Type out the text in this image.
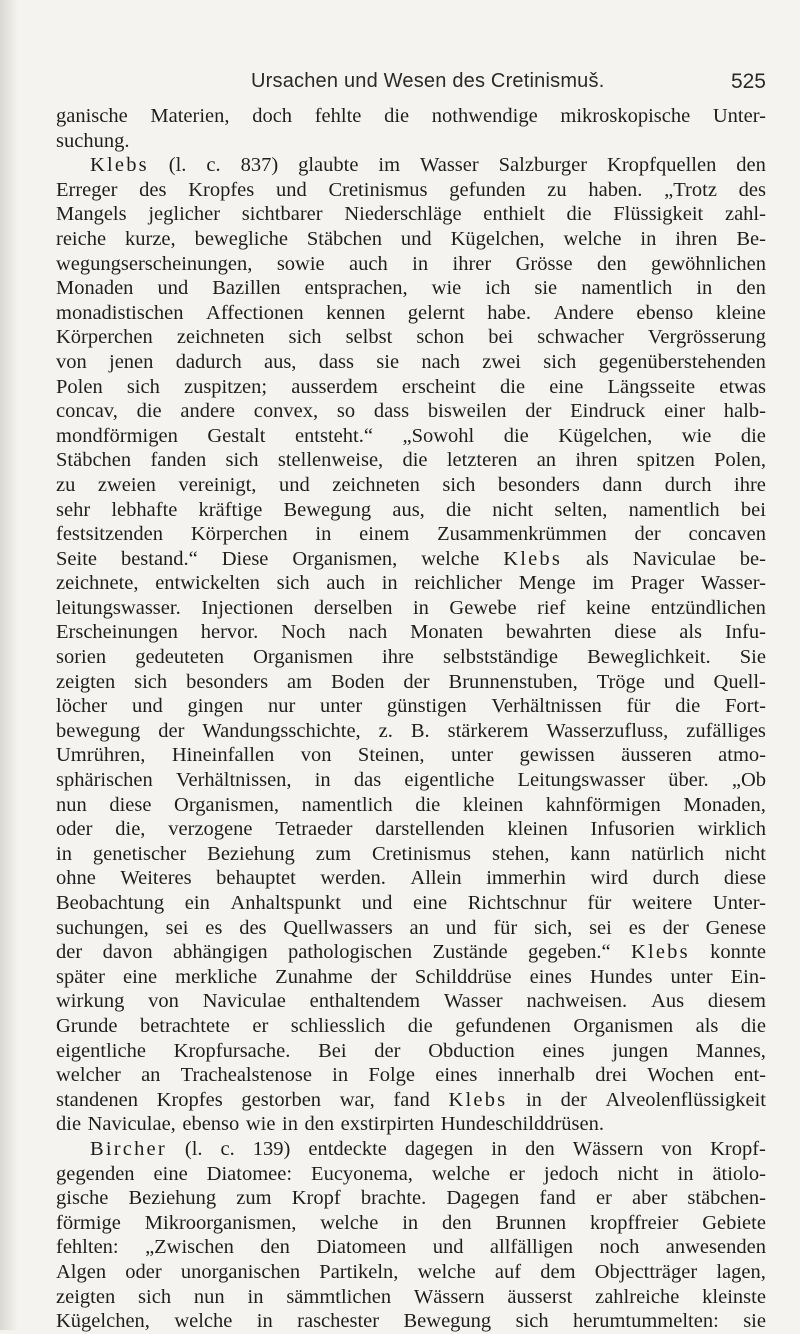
Ursachen und Wesen des Cretinismuš.	525
ganische Materien, doch fehlte die nothwendige mikroskopische Unter-
suchung.
Klebs (l. c. 837) glaubte im Wasser Salzburger Kropfquellen den
Erreger des Kropfes und Cretinismus gefunden zu haben. „Trotz des
Mangels jeglicher sichtbarer Niederschläge enthielt die Flüssigkeit zahl-
reiche kurze, bewegliche Stäbchen und Kügelchen, welche in ihren Be-
wegungserscheinungen, sowie auch in ihrer Grösse den gewöhnlichen
Monaden und Bazillen entsprachen, wie ich sie namentlich in den
monadistischen Affectionen kennen gelernt habe. Andere ebenso kleine
Körperchen zeichneten sich selbst schon bei schwacher Vergrösserung
von jenen dadurch aus, dass sie nach zwei sich gegenüberstehenden
Polen sich zuspitzen; ausserdem erscheint die eine Längsseite etwas
concav, die andere convex, so dass bisweilen der Eindruck einer halb-
mondförmigen Gestalt entsteht.“ „Sowohl die Kügelchen, wie die
Stäbchen fanden sich stellenweise, die letzteren an ihren spitzen Polen,
zu zweien vereinigt, und zeichneten sich besonders dann durch ihre
sehr lebhafte kräftige Bewegung aus, die nicht selten, namentlich bei
festsitzenden Körperchen in einem Zusammenkrümmen der concaven
Seite bestand.“ Diese Organismen, welche Klebs als Naviculae be-
zeichnete, entwickelten sich auch in reichlicher Menge im Prager Wasser-
leitungswasser. Injectionen derselben in Gewebe rief keine entzündlichen
Erscheinungen hervor. Noch nach Monaten bewahrten diese als Infu-
sorien gedeuteten Organismen ihre selbstständige Beweglichkeit. Sie
zeigten sich besonders am Boden der Brunnenstuben, Tröge und Quell-
löcher und gingen nur unter günstigen Verhältnissen für die Fort-
bewegung der Wandungsschichte, z. B. stärkerem Wasserzufluss, zufälliges
Umrühren, Hineinfallen von Steinen, unter gewissen äusseren atmo-
sphärischen Verhältnissen, in das eigentliche Leitungswasser über. „Ob
nun diese Organismen, namentlich die kleinen kahnförmigen Monaden,
oder die, verzogene Tetraeder darstellenden kleinen Infusorien wirklich
in genetischer Beziehung zum Cretinismus stehen, kann natürlich nicht
ohne Weiteres behauptet werden. Allein immerhin wird durch diese
Beobachtung ein Anhaltspunkt und eine Richtschnur für weitere Unter-
suchungen, sei es des Quellwassers an und für sich, sei es der Genese
der davon abhängigen pathologischen Zustände gegeben.“ Klebs konnte
später eine merkliche Zunahme der Schilddrüse eines Hundes unter Ein-
wirkung von Naviculae enthaltendem Wasser nachweisen. Aus diesem
Grunde betrachtete er schliesslich die gefundenen Organismen als die
eigentliche Kropfursache. Bei der Obduction eines jungen Mannes,
welcher an Trachealstenose in Folge eines innerhalb drei Wochen ent-
standenen Kropfes gestorben war, fand Klebs in der Alveolenflüssigkeit
die Naviculae, ebenso wie in den exstirpirten Hundeschilddrüsen.
Bircher (l. c. 139) entdeckte dagegen in den Wässern von Kropf-
gegenden eine Diatomee: Eucyonema, welche er jedoch nicht in ätiolo-
gische Beziehung zum Kropf brachte. Dagegen fand er aber stäbchen-
förmige Mikroorganismen, welche in den Brunnen kropffreier Gebiete
fehlten: „Zwischen den Diatomeen und allfälligen noch anwesenden
Algen oder unorganischen Partikeln, welche auf dem Objectträger lagen,
zeigten sich nun in sämmtlichen Wässern äusserst zahlreiche kleinste
Kügelchen, welche in raschester Bewegung sich herumtummelten: sie
